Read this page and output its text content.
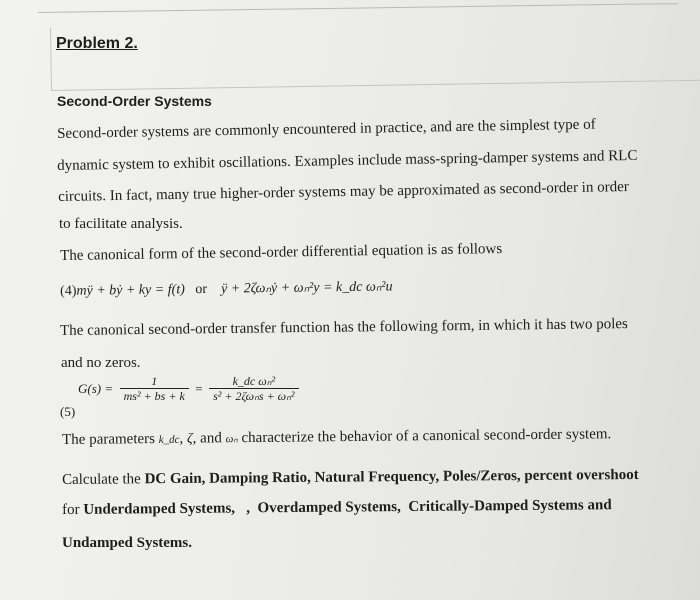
Problem 2.
Second-Order Systems
Second-order systems are commonly encountered in practice, and are the simplest type of
dynamic system to exhibit oscillations. Examples include mass-spring-damper systems and RLC
circuits. In fact, many true higher-order systems may be approximated as second-order in order
to facilitate analysis.
The canonical form of the second-order differential equation is as follows
(4)mÿ + bẏ + ky = f(t) or ÿ + 2ζωₙẏ + ωₙ²y = k_dc ωₙ²u
The canonical second-order transfer function has the following form, in which it has two poles
and no zeros.
(5)
$G(s) = \frac{1}{\text{ms² + bs + k}} = \frac{\text{k\_dc ωₙ²}}{\text{s² + 2ζωₙs + ωₙ²}}$
The parameters k_dc, ζ, and ωₙ characterize the behavior of a canonical second-order system.
Calculate the DC Gain, Damping Ratio, Natural Frequency, Poles/Zeros, percent overshoot
for Underdamped Systems,   ,  Overdamped Systems,  Critically-Damped Systems and
Undamped Systems.
